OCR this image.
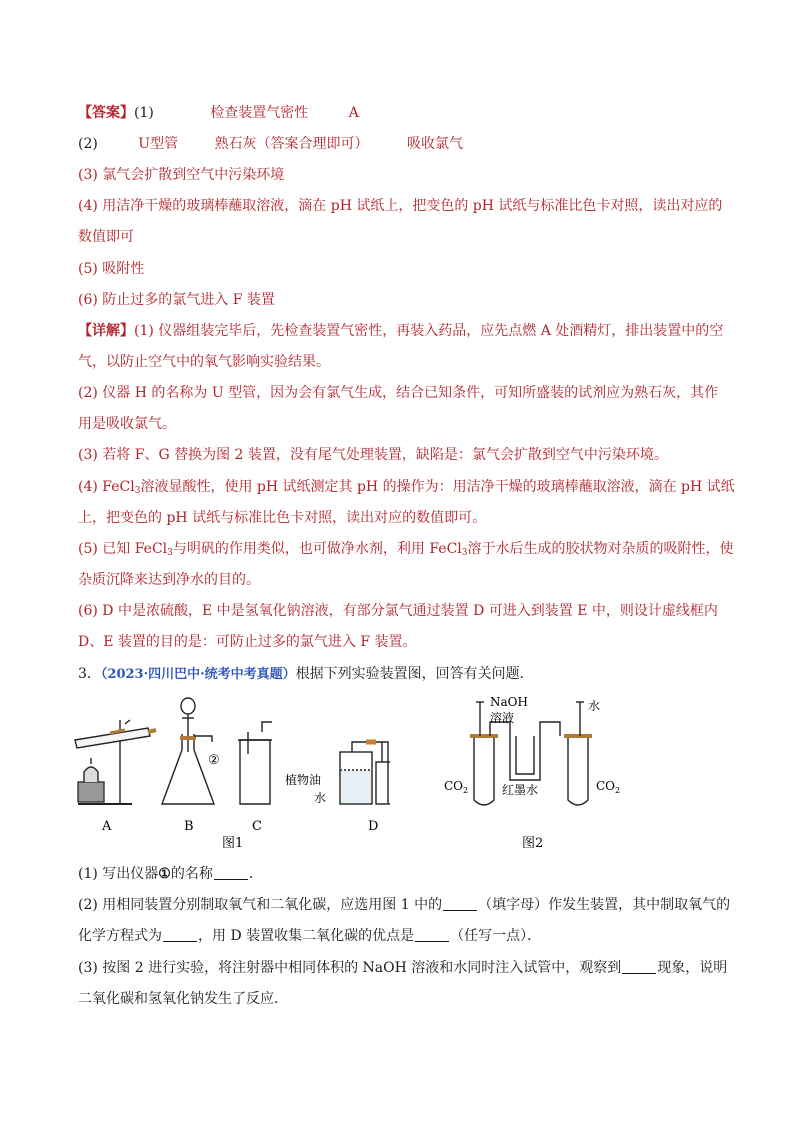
【答案】(1)	检查装置气密性	A
(2)	U型管	熟石灰（答案合理即可）	吸收氯气
(3) 氯气会扩散到空气中污染环境
(4) 用洁净干燥的玻璃棒蘸取溶液，滴在 pH 试纸上，把变色的 pH 试纸与标准比色卡对照，读出对应的
数值即可
(5) 吸附性
(6) 防止过多的氯气进入 F 装置
【详解】(1) 仪器组装完毕后，先检查装置气密性，再装入药品，应先点燃 A 处酒精灯，排出装置中的空
气，以防止空气中的氧气影响实验结果。
(2) 仪器 H 的名称为 U 型管，因为会有氯气生成，结合已知条件，可知所盛装的试剂应为熟石灰，其作
用是吸收氯气。
(3) 若将 F、G 替换为图 2 装置，没有尾气处理装置，缺陷是：氯气会扩散到空气中污染环境。
(4) FeCl$_3$溶液显酸性，使用 pH 试纸测定其 pH 的操作为：用洁净干燥的玻璃棒蘸取溶液，滴在 pH 试纸
上，把变色的 pH 试纸与标准比色卡对照，读出对应的数值即可。
(5) 已知 FeCl$_3$与明矾的作用类似，也可做净水剂，利用 FeCl$_3$溶于水后生成的胶状物对杂质的吸附性，使
杂质沉降来达到净水的目的。
(6) D 中是浓硫酸，E 中是氢氧化钠溶液，有部分氯气通过装置 D 可进入到装置 E 中，则设计虚线框内
D、E 装置的目的是：可防止过多的氯气进入 F 装置。
3．（2023·四川巴中·统考中考真题）根据下列实验装置图，回答有关问题．
A
②
B	C
植物油
水
D
图1
NaOH
溶液
水
$CO_2$	$CO_2$
红墨水
图2
(1) 写出仪器①的名称	．
(2) 用相同装置分别制取氧气和二氧化碳，应选用图 1 中的	（填字母）作发生装置，其中制取氧气的
化学方程式为	，用 D 装置收集二氧化碳的优点是	（任写一点）．
(3) 按图 2 进行实验，将注射器中相同体积的 NaOH 溶液和水同时注入试管中，观察到	现象，说明
二氧化碳和氢氧化钠发生了反应．
